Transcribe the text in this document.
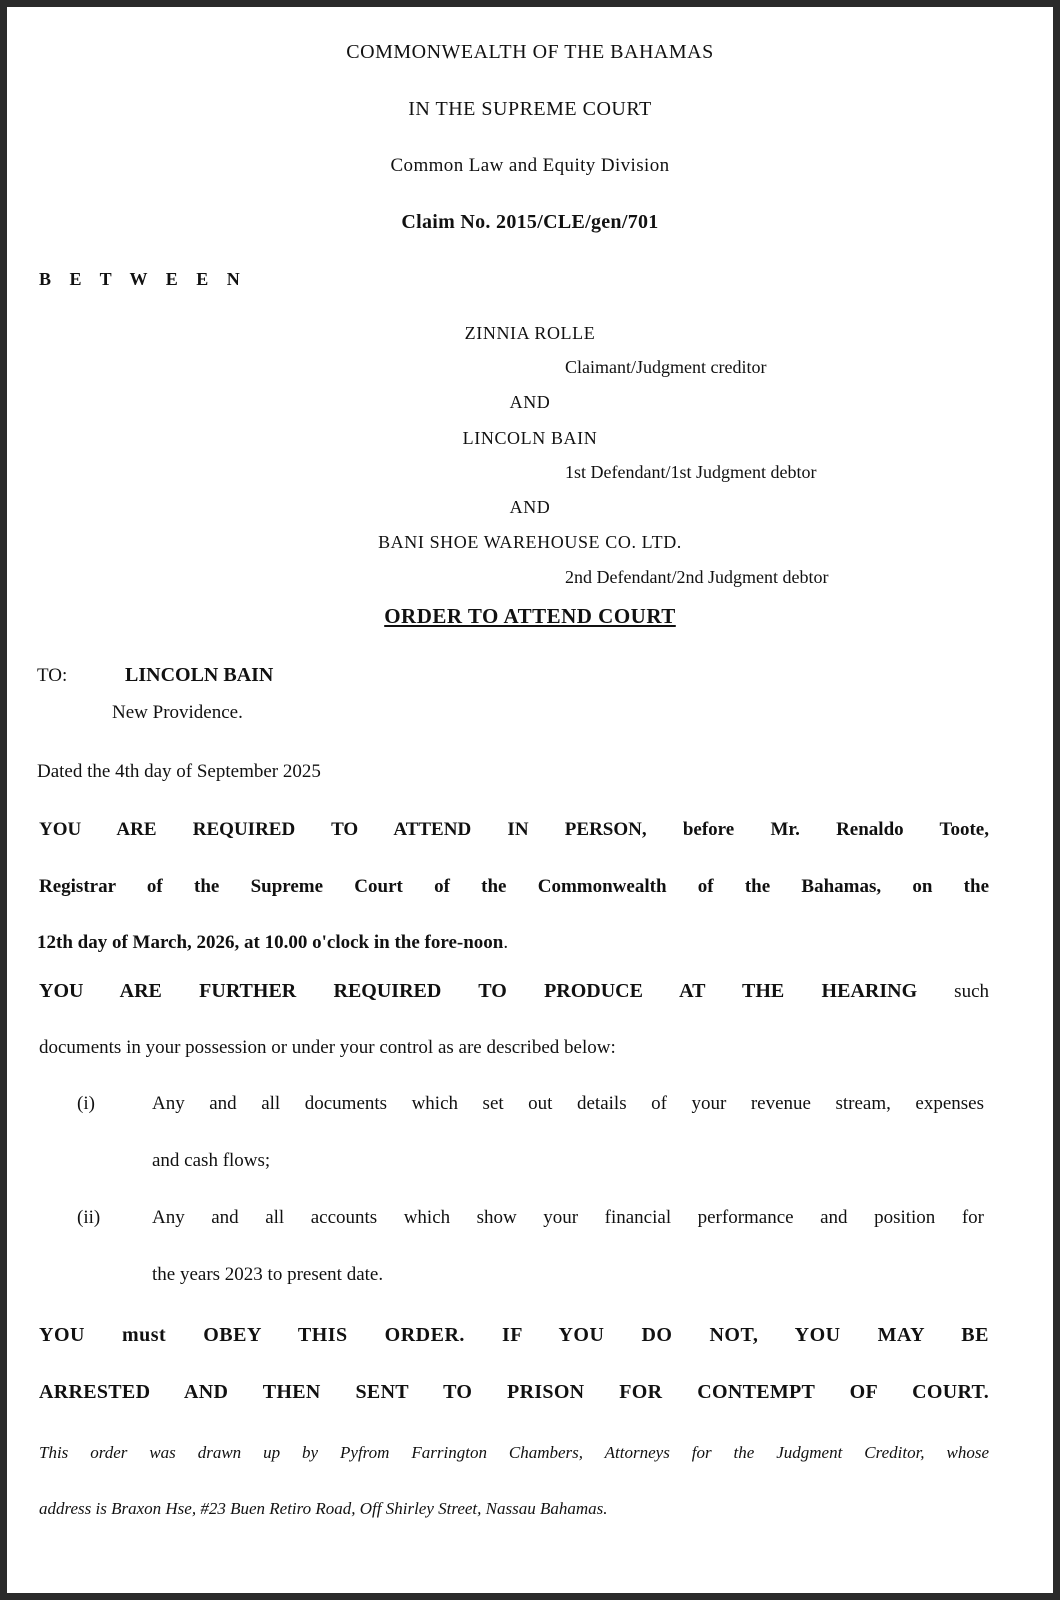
COMMONWEALTH OF THE BAHAMAS
IN THE SUPREME COURT
Common Law and Equity Division
Claim No. 2015/CLE/gen/701
B E T W E E N
ZINNIA ROLLE
Claimant/Judgment creditor
AND
LINCOLN BAIN
1st Defendant/1st Judgment debtor
AND
BANI SHOE WAREHOUSE CO. LTD.
2nd Defendant/2nd Judgment debtor
ORDER TO ATTEND COURT
TO:	LINCOLN BAIN
New Providence.
Dated the 4th day of September 2025
YOU ARE REQUIRED TO ATTEND IN PERSON, before Mr. Renaldo Toote,
Registrar of the Supreme Court of the Commonwealth of the Bahamas, on the
12th day of March, 2026, at 10.00 o'clock in the fore-noon.
YOU ARE FURTHER REQUIRED TO PRODUCE AT THE HEARING such
documents in your possession or under your control as are described below:
(i)	Any and all documents which set out details of your revenue stream, expenses
and cash flows;
(ii)	Any and all accounts which show your financial performance and position for
the years 2023 to present date.
YOU must OBEY THIS ORDER. IF YOU DO NOT, YOU MAY BE
ARRESTED AND THEN SENT TO PRISON FOR CONTEMPT OF COURT.
This order was drawn up by Pyfrom Farrington Chambers, Attorneys for the Judgment Creditor, whose
address is Braxon Hse, #23 Buen Retiro Road, Off Shirley Street, Nassau Bahamas.
